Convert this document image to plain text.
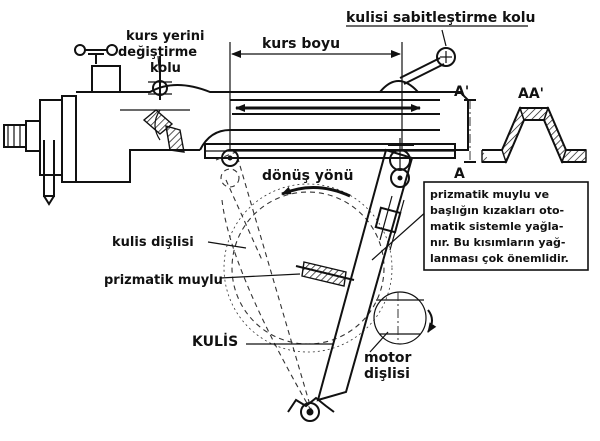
kurs yerini
değiştirme
kolu
kurs boyu
kulisi sabitleştirme kolu
AA'
A'
A
dönüş yönü
kulis dişlisi
prizmatik muylu
KULİS
motor
dişlisi
prizmatik muylu ve
başlığın kızakları oto-
matik sistemle yağla-
nır. Bu kısımların yağ-
lanması çok önemlidir.
